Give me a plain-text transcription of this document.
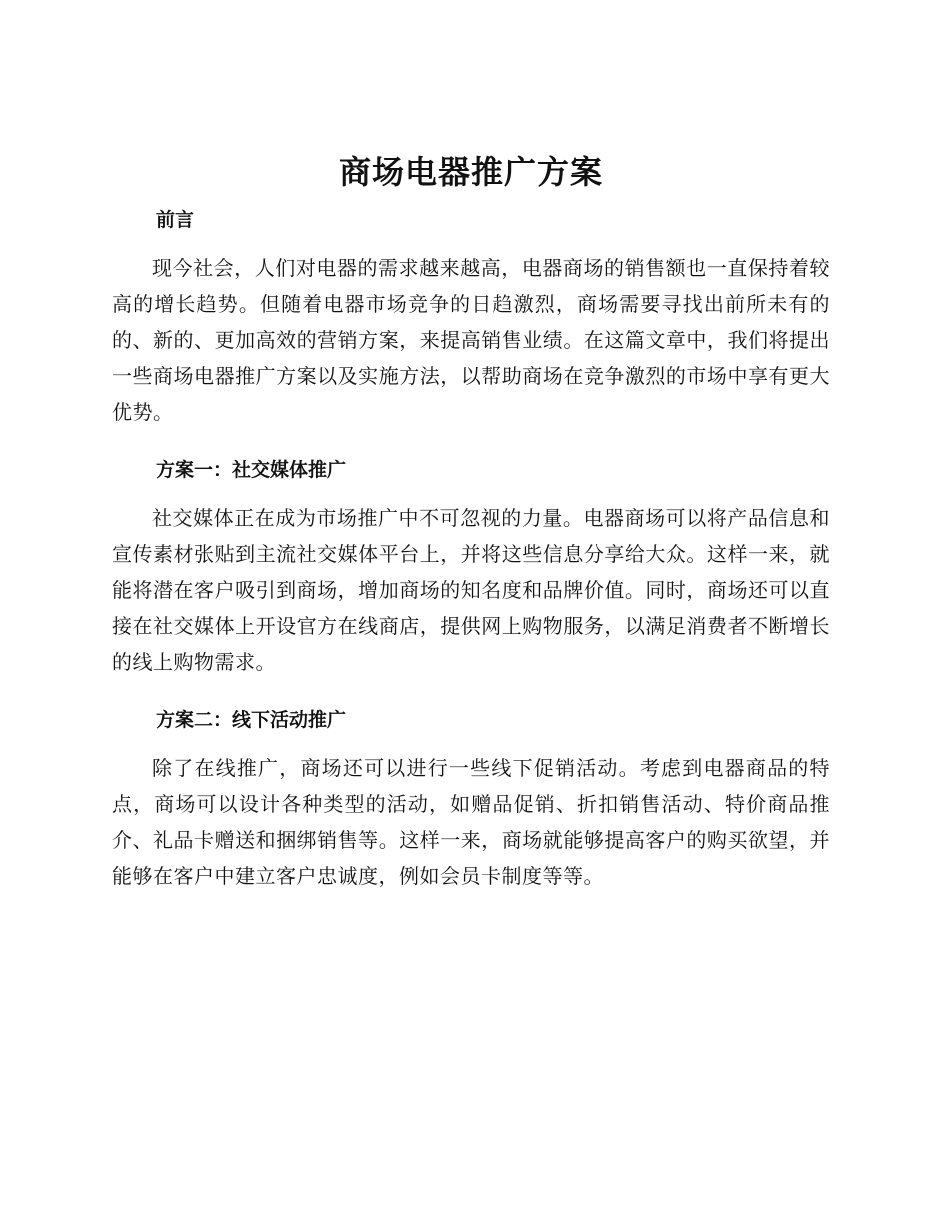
商场电器推广方案
前言

现今社会，人们对电器的需求越来越高，电器商场的销售额也一直保持着较高的增长趋势。但随着电器市场竞争的日趋激烈，商场需要寻找出前所未有的的、新的、更加高效的营销方案，来提高销售业绩。在这篇文章中，我们将提出一些商场电器推广方案以及实施方法，以帮助商场在竞争激烈的市场中享有更大优势。

方案一：社交媒体推广

社交媒体正在成为市场推广中不可忽视的力量。电器商场可以将产品信息和宣传素材张贴到主流社交媒体平台上，并将这些信息分享给大众。这样一来，就能将潜在客户吸引到商场，增加商场的知名度和品牌价值。同时，商场还可以直接在社交媒体上开设官方在线商店，提供网上购物服务，以满足消费者不断增长的线上购物需求。

方案二：线下活动推广

除了在线推广，商场还可以进行一些线下促销活动。考虑到电器商品的特点，商场可以设计各种类型的活动，如赠品促销、折扣销售活动、特价商品推介、礼品卡赠送和捆绑销售等。这样一来，商场就能够提高客户的购买欲望，并能够在客户中建立客户忠诚度，例如会员卡制度等等。
